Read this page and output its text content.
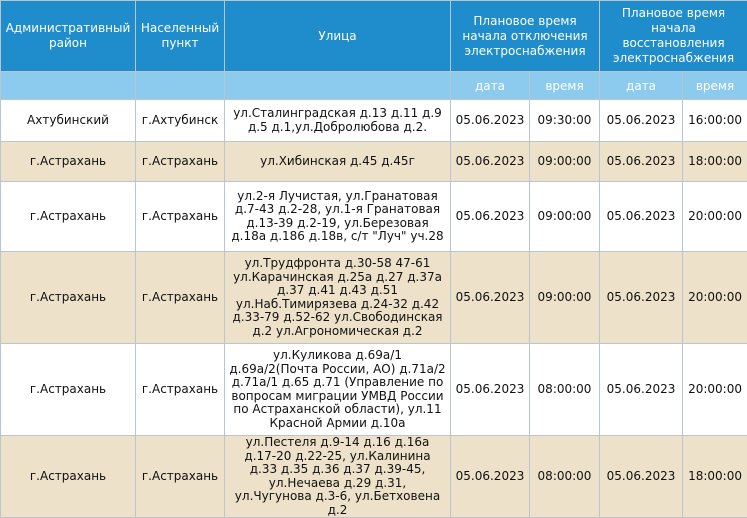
Административный район	Населенный пункт	Улица	Плановое время начала отключения электроснабжения		Плановое время начала восстановления электроснабжения	
			дата	время	дата	время
Ахтубинский	г.Ахтубинск	ул.Сталинградская д.13 д.11 д.9 д.5 д.1,ул.Добролюбова д.2.	05.06.2023	09:30:00	05.06.2023	16:00:00
г.Астрахань	г.Астрахань	ул.Хибинская д.45 д.45г	05.06.2023	09:00:00	05.06.2023	18:00:00
г.Астрахань	г.Астрахань	ул.2-я Лучистая, ул.Гранатовая д.7-43 д.2-28, ул.1-я Гранатовая д.13-39 д.2-19, ул.Березовая д.18а д.186 д.18в, с/т "Луч" уч.28	05.06.2023	09:00:00	05.06.2023	20:00:00
г.Астрахань	г.Астрахань	ул.Трудфронта д.30-58 47-61 ул.Карачинская д.25а д.27 д.37а д.37 д.41 д.43 д.51 ул.Наб.Тимирязева д.24-32 д.42 д.33-79 д.52-62 ул.Свободинская д.2 ул.Агрономическая д.2	05.06.2023	09:00:00	05.06.2023	20:00:00
г.Астрахань	г.Астрахань	ул.Куликова д.69а/1 д.69а/2(Почта России, АО) д.71а/2 д.71а/1 д.65 д.71 (Управление по вопросам миграции УМВД России по Астраханской области), ул.11 Красной Армии д.10а	05.06.2023	08:00:00	05.06.2023	20:00:00
г.Астрахань	г.Астрахань	ул.Пестеля д.9-14 д.16 д.16а д.17-20 д.22-25, ул.Калинина д.33 д.35 д.36 д.37 д.39-45, ул.Нечаева д.29 д.31, ул.Чугунова д.3-6, ул.Бетховена д.2	05.06.2023	08:00:00	05.06.2023	18:00:00
